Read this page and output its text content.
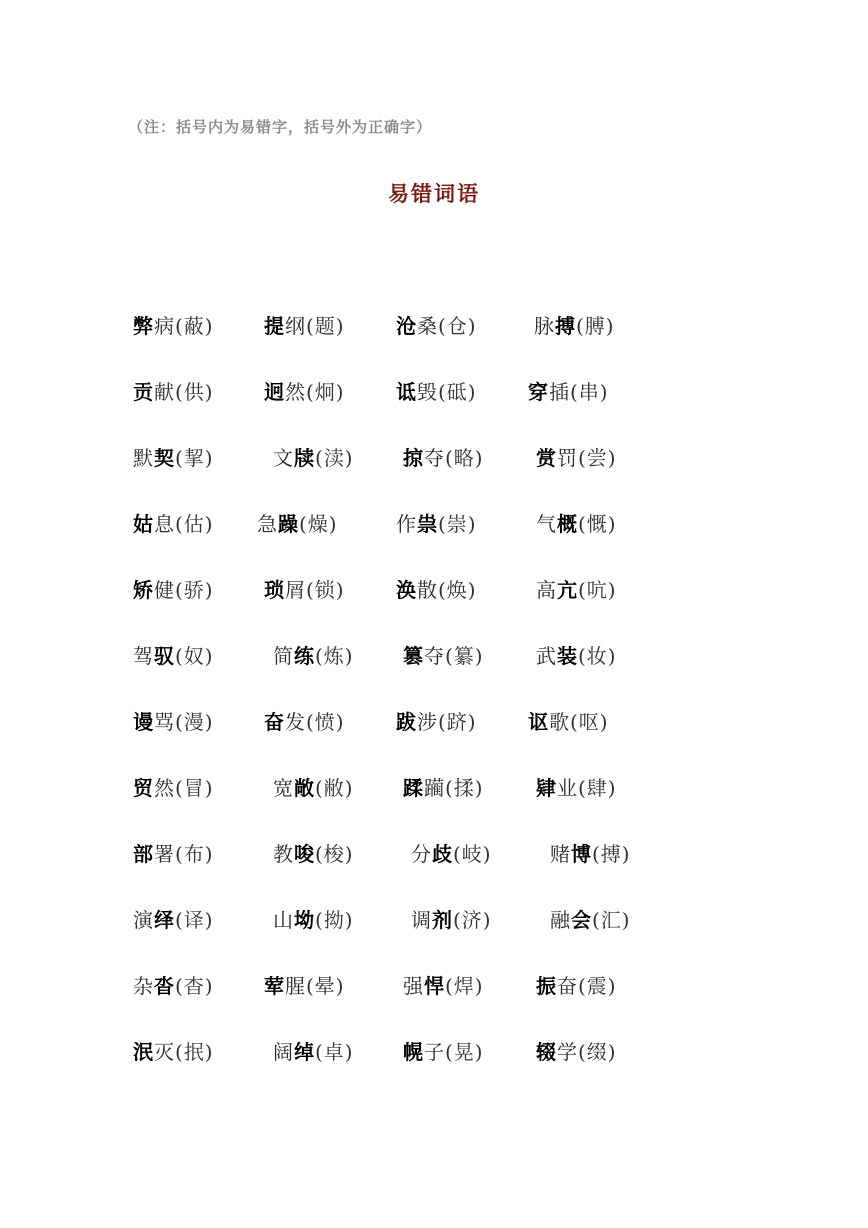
（注：括号内为易错字，括号外为正确字）
易错词语
弊病(蔽)	提纲(题)	沧桑(仓)	脉搏(膊)
贡献(供)	迥然(炯)	诋毁(砥)	穿插(串)
默契(挈)	文牍(渎) 掠夺(略)	赏罚(尝)
姑息(估) 急躁(燥)	作祟(崇)	气概(慨)
矫健(骄)	琐屑(锁)	涣散(焕)	高亢(吭)
驾驭(奴)	简练(炼) 篡夺(纂)	武装(妆)
谩骂(漫)	奋发(愤)	跋涉(跻)	讴歌(呕)
贸然(冒)	宽敞(敝) 蹂躏(揉)	肄业(肆)
部署(布)	教唆(梭)	分歧(岐)	赌博(搏)
演绎(译)	山坳(拗)	调剂(济)	融会(汇)
杂沓(杳)	荤腥(晕)	强悍(焊)	振奋(震)
泯灭(抿)	阔绰(卓) 幌子(晃)	辍学(缀)
